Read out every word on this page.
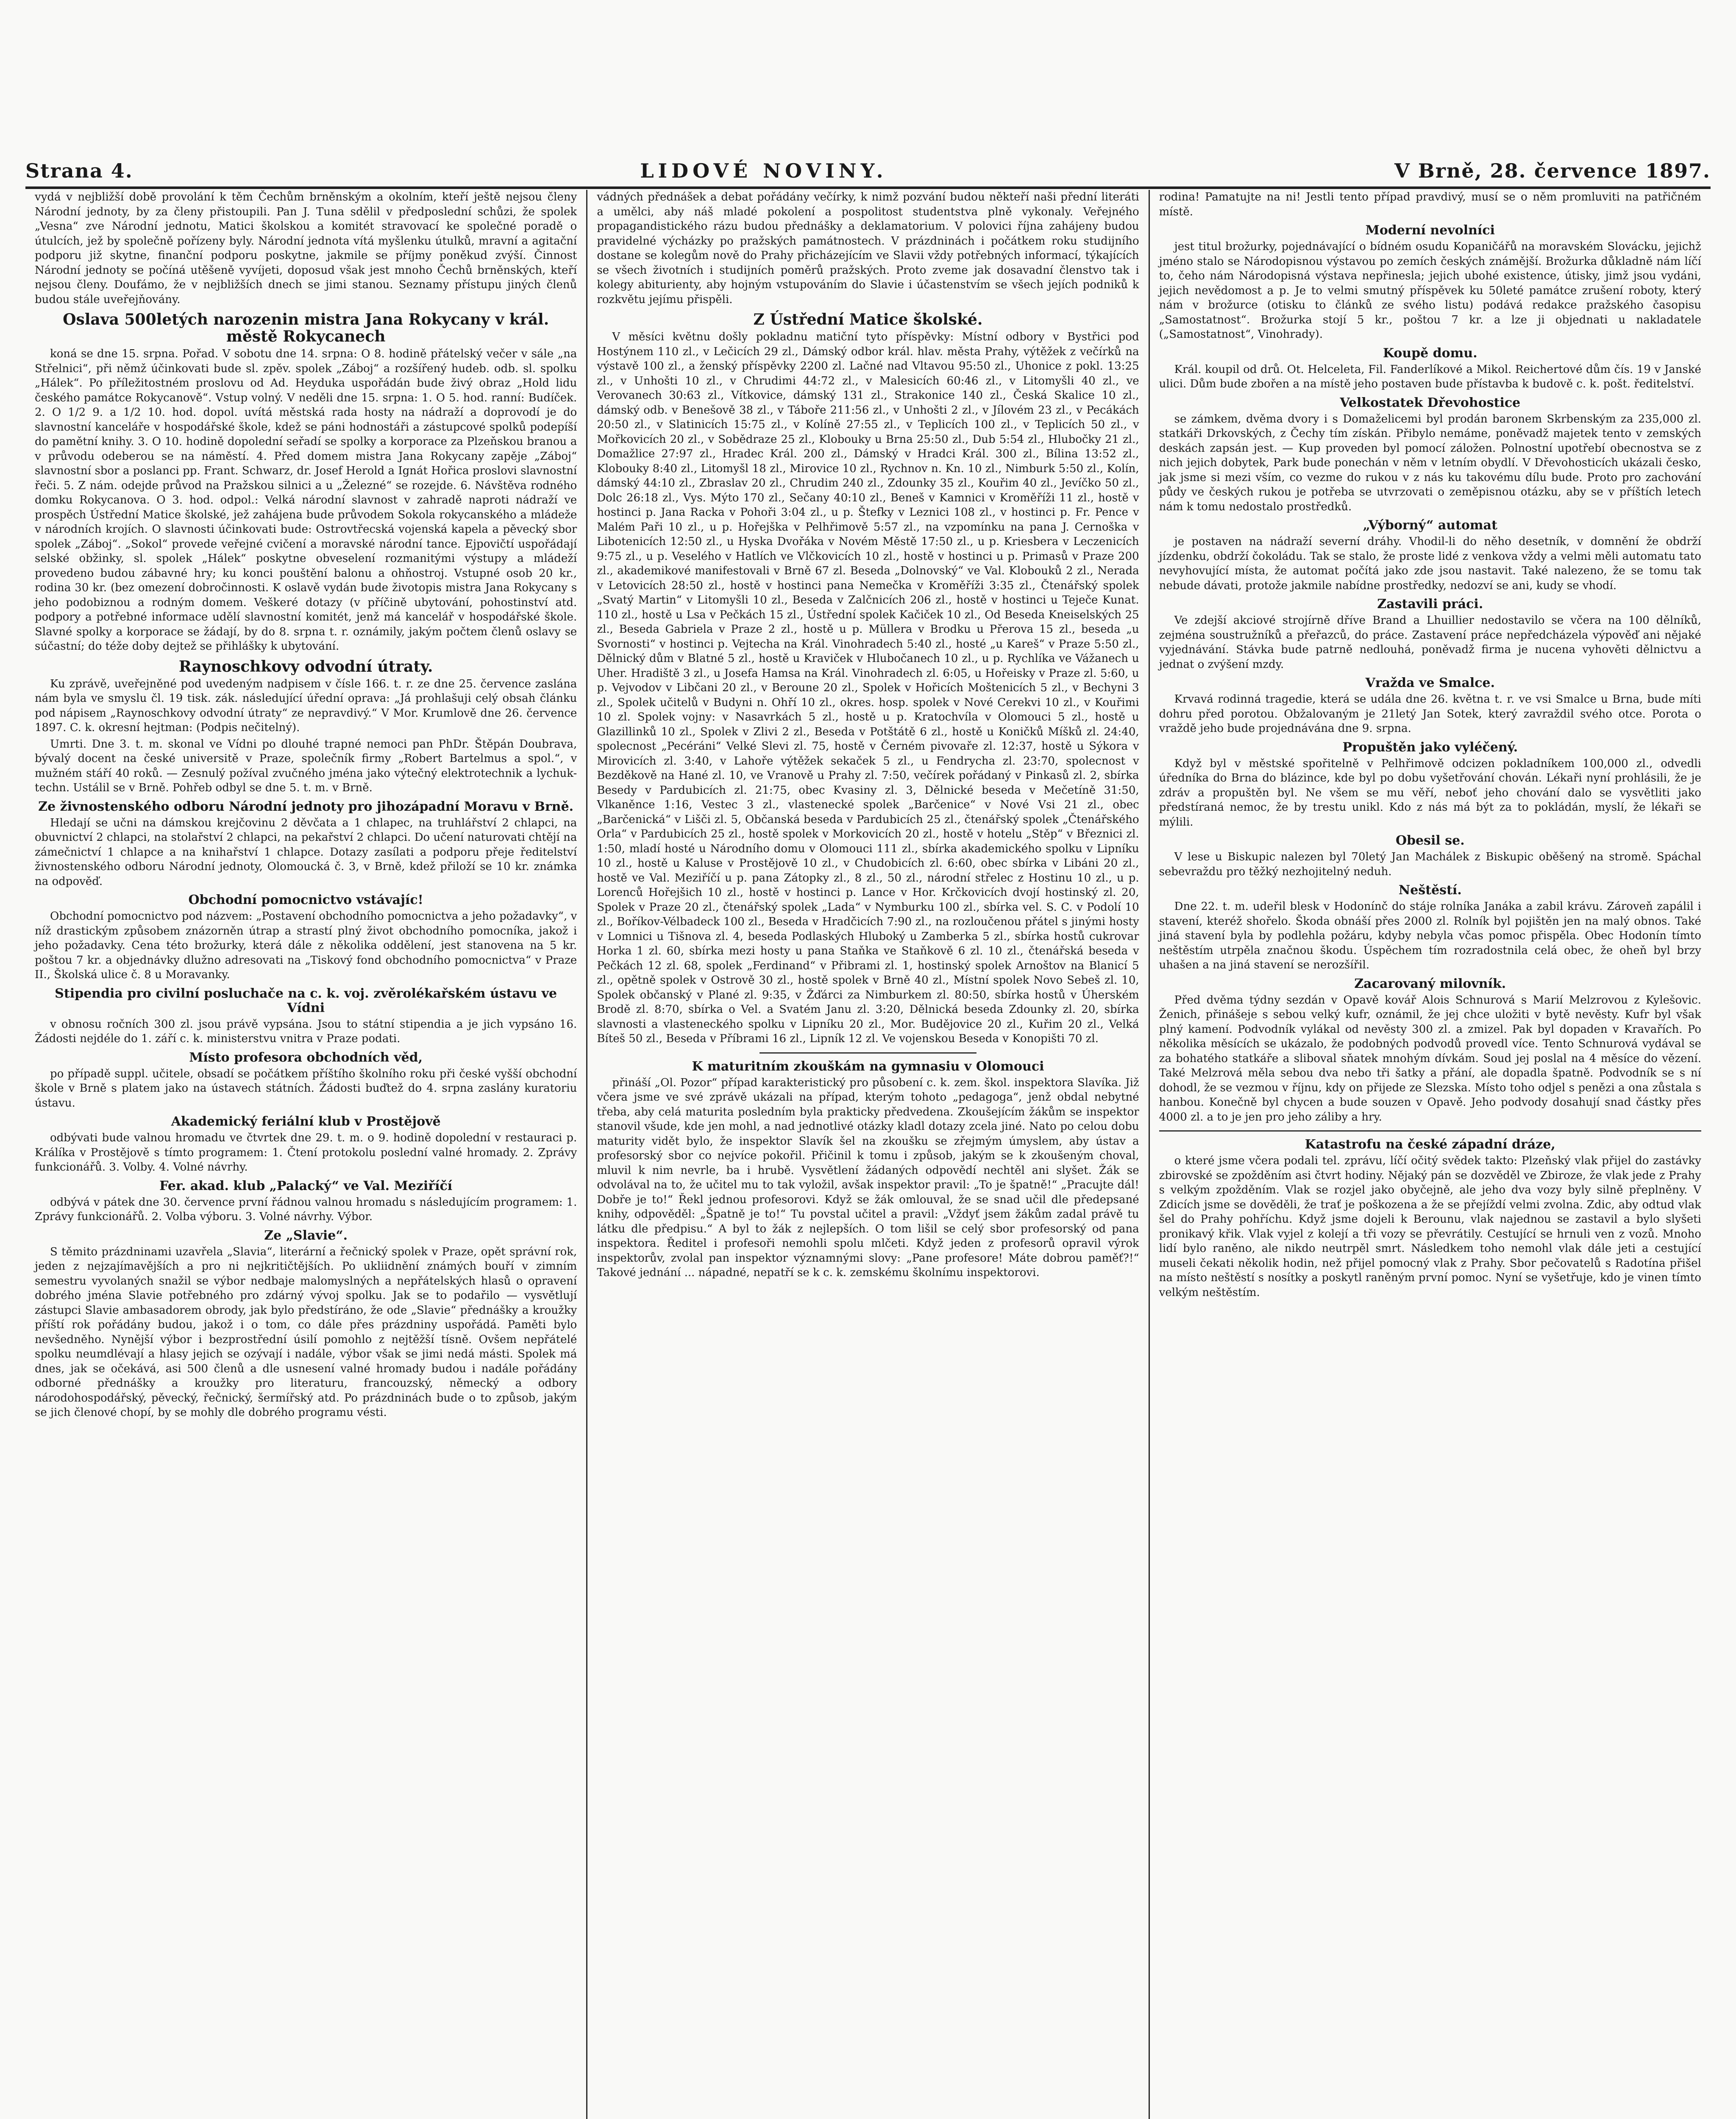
Strana 4.	LIDOVÉ NOVINY.	V Brně, 28. července 1897.

vydá v nejbližší době provolání k těm Čechům brněnským a okolním, kteří ještě nejsou členy Národní jednoty, by za členy přistoupili. Pan J. Tuna sdělil v předposlední schůzi, že spolek „Vesna“ zve Národní jednotu, Matici školskou a komitét stravovací ke společné poradě o útulcích, jež by společně pořízeny byly. Národní jednota vítá myšlenku útulků, mravní a agitační podporu již skytne, finanční podporu poskytne, jakmile se příjmy poněkud zvýší. Činnost Národní jednoty se počíná utěšeně vyvíjeti, doposud však jest mnoho Čechů brněnských, kteří nejsou členy. Doufámo, že v nejbližších dnech se jimi stanou. Seznamy přístupu jiných členů budou stále uveřejňovány.

Oslava 500letých narozenin mistra Jana Rokycany v král. městě Rokycanech

koná se dne 15. srpna. Pořad. V sobotu dne 14. srpna: O 8. hodině přátelský večer v sále „na Střelnici“, při němž účinkovati bude sl. zpěv. spolek „Záboj“ a rozšířený hudeb. odb. sl. spolku „Hálek“. Po příležitostném proslovu od Ad. Heyduka uspořádán bude živý obraz „Hold lidu českého památce Rokycanově“. Vstup volný. V neděli dne 15. srpna: 1. O 5. hod. ranní: Budíček. 2. O 1/2 9. a 1/2 10. hod. dopol. uvítá městská rada hosty na nádraží a doprovodí je do slavnostní kanceláře v hospodářské škole, kdež se páni hodnostáři a zástupcové spolků podepíší do pamětní knihy. 3. O 10. hodině dopolední seřadí se spolky a korporace za Plzeňskou branou a v průvodu odeberou se na náměstí. 4. Před domem mistra Jana Rokycany zapěje „Záboj“ slavnostní sbor a poslanci pp. Frant. Schwarz, dr. Josef Herold a Ignát Hořica proslovi slavnostní řeči. 5. Z nám. odejde průvod na Pražskou silnici a u „Železné“ se rozejde. 6. Návštěva rodného domku Rokycanova. O 3. hod. odpol.: Velká národní slavnost v zahradě naproti nádraží ve prospěch Ústřední Matice školské, jež zahájena bude průvodem Sokola rokycanského a mládeže v národních krojích. O slavnosti účinkovati bude: Ostrovtřecská vojenská kapela a pěvecký sbor spolek „Záboj“. „Sokol“ provede veřejné cvičení a moravské národní tance. Ejpovičtí uspořádají selské obžinky, sl. spolek „Hálek“ poskytne obveselení rozmanitými výstupy a mládeží provedeno budou zábavné hry; ku konci pouštění balonu a ohňostroj. Vstupné osob 20 kr., rodina 30 kr. (bez omezení dobročinnosti. K oslavě vydán bude životopis mistra Jana Rokycany s jeho podobiznou a rodným domem. Veškeré dotazy (v příčině ubytování, pohostinství atd. podpory a potřebné informace udělí slavnostní komitét, jenž má kancelář v hospodářské škole. Slavné spolky a korporace se žádají, by do 8. srpna t. r. oznámily, jakým počtem členů oslavy se súčastní; do téže doby dejtež se přihlášky k ubytování.

Raynoschkovy odvodní útraty.

Ku zprávě, uveřejněné pod uvedeným nadpisem v čísle 166. t. r. ze dne 25. července zaslána nám byla ve smyslu čl. 19 tisk. zák. následující úřední oprava: „Já prohlašuji celý obsah článku pod nápisem „Raynoschkovy odvodní útraty“ ze nepravdivý.“ V Mor. Krumlově dne 26. července 1897. C. k. okresní hejtman: (Podpis nečitelný).

Umrti. Dne 3. t. m. skonal ve Vídni po dlouhé trapné nemoci pan PhDr. Štěpán Doubrava, bývalý docent na české universitě v Praze, společník firmy „Robert Bartelmus a spol.“, v mužném stáří 40 roků. — Zesnulý požíval zvučného jména jako výtečný elektrotechnik a lychuk-techn. Ustálil se v Brně. Pohřeb odbyl se dne 5. t. m. v Brně.

Ze živnostenského odboru Národní jednoty pro jihozápadní Moravu v Brně.

Hledají se učni na dámskou krejčovinu 2 děvčata a 1 chlapec, na truhlářství 2 chlapci, na obuvnictví 2 chlapci, na stolařství 2 chlapci, na pekařství 2 chlapci. Do učení naturovati chtějí na zámečnictví 1 chlapce a na knihařství 1 chlapce. Dotazy zasílati a podporu přeje ředitelství živnostenského odboru Národní jednoty, Olomoucká č. 3, v Brně, kdež přiloží se 10 kr. známka na odpověď.

Obchodní pomocnictvo vstávajíc!

Obchodní pomocnictvo pod názvem: „Postavení obchodního pomocnictva a jeho požadavky“, v níž drastickým způsobem znázorněn útrap a strastí plný život obchodního pomocníka, jakož i jeho požadavky. Cena této brožurky, která dále z několika oddělení, jest stanovena na 5 kr. poštou 7 kr. a objednávky dlužno adresovati na „Tiskový fond obchodního pomocnictva“ v Praze II., Školská ulice č. 8 u Moravanky.

Stipendia pro civilní posluchače na c. k. voj. zvěrolékařském ústavu ve Vídni

v obnosu ročních 300 zl. jsou právě vypsána. Jsou to státní stipendia a je jich vypsáno 16. Žádosti nejdéle do 1. září c. k. ministerstvu vnitra v Praze podati.

Místo profesora obchodních věd,

po případě suppl. učitele, obsadí se počátkem příštího školního roku při české vyšší obchodní škole v Brně s platem jako na ústavech státních. Žádosti buďtež do 4. srpna zaslány kuratoriu ústavu.

Akademický feriální klub v Prostějově

odbývati bude valnou hromadu ve čtvrtek dne 29. t. m. o 9. hodině dopolední v restauraci p. Králíka v Prostějově s tímto programem: 1. Čtení protokolu poslední valné hromady. 2. Zprávy funkcionářů. 3. Volby. 4. Volné návrhy.

Fer. akad. klub „Palacký“ ve Val. Meziříčí

odbývá v pátek dne 30. července první řádnou valnou hromadu s následujícím programem: 1. Zprávy funkcionářů. 2. Volba výboru. 3. Volné návrhy. Výbor.

Ze „Slavie“.

S těmito prázdninami uzavřela „Slavia“, literární a řečnický spolek v Praze, opět správní rok, jeden z nejzajímavějších a pro ni nejkritičtějších. Po ukliidnění známých bouří v zimním semestru vyvolaných snažil se výbor nedbaje malomyslných a nepřátelských hlasů o opravení dobrého jména Slavie potřebného pro zdárný vývoj spolku. Jak se to podařilo — vysvětlují zástupci Slavie ambasadorem obrody, jak bylo předstíráno, že ode „Slavie“ přednášky a kroužky příští rok pořádány budou, jakož i o tom, co dále přes prázdniny uspořádá. Paměti bylo nevšedněho. Nynější výbor i bezprostřední úsilí pomohlo z nejtěžší tísně. Ovšem nepřátelé spolku neumdlévají a hlasy jejich se ozývají i nadále, výbor však se jimi nedá másti. Spolek má dnes, jak se očekává, asi 500 členů a dle usnesení valné hromady budou i nadále pořádány odborné přednášky a kroužky pro literaturu, francouzský, německý a odbory národohospodářský, pěvecký, řečnický, šermířský atd. Po prázdninách bude o to způsob, jakým se jich členové chopí, by se mohly dle dobrého programu vésti.

vádných přednášek a debat pořádány večírky, k nimž pozvání budou někteří naši přední literáti a umělci, aby náš mladé pokolení a pospolitost studentstva plně vykonaly. Veřejného propagandistického rázu budou přednášky a deklamatorium. V polovici října zahájeny budou pravidelné výcházky po pražských památnostech. V prázdninách i počátkem roku studijního dostane se kolegům nově do Prahy přicházejícím ve Slavii vždy potřebných informací, týkajících se všech životních i studijních poměrů pražských. Proto zveme jak dosavadní členstvo tak i kolegy abiturienty, aby hojným vstupováním do Slavie i účastenstvím se všech jejích podniků k rozkvětu jejímu přispěli.

Z Ústřední Matice školské.

V měsíci květnu došly pokladnu matiční tyto příspěvky: Místní odbory v Bystřici pod Hostýnem 110 zl., v Lečicích 29 zl., Dámský odbor král. hlav. města Prahy, výtěžek z večírků na výstavě 100 zl., a ženský příspěvky 2200 zl. Lačné nad Vltavou 95:50 zl., Uhonice z pokl. 13:25 zl., v Unhošti 10 zl., v Chrudimi 44:72 zl., v Malesicích 60:46 zl., v Litomyšli 40 zl., ve Verovanech 30:63 zl., Vítkovice, dámský 131 zl., Strakonice 140 zl., Česká Skalice 10 zl., dámský odb. v Benešově 38 zl., v Táboře 211:56 zl., v Unhošti 2 zl., v Jílovém 23 zl., v Pecákách 20:50 zl., v Slatinicích 15:75 zl., v Kolíně 27:55 zl., v Teplicích 100 zl., v Teplicích 50 zl., v Mořkovicích 20 zl., v Sobědraze 25 zl., Klobouky u Brna 25:50 zl., Dub 5:54 zl., Hlubočky 21 zl., Domažlice 27:97 zl., Hradec Král. 200 zl., Dámský v Hradci Král. 300 zl., Bílina 13:52 zl., Klobouky 8:40 zl., Litomyšl 18 zl., Mirovice 10 zl., Rychnov n. Kn. 10 zl., Nimburk 5:50 zl., Kolín, dámský 44:10 zl., Zbraslav 20 zl., Chrudim 240 zl., Zdounky 35 zl., Kouřim 40 zl., Jevíčko 50 zl., Dolc 26:18 zl., Vys. Mýto 170 zl., Sečany 40:10 zl., Beneš v Kamnici v Kroměříži 11 zl., hostě v hostinci p. Jana Racka v Pohoři 3:04 zl., u p. Štefky v Leznici 108 zl., v hostinci p. Fr. Pence v Malém Paři 10 zl., u p. Hořejška v Pelhřimově 5:57 zl., na vzpomínku na pana J. Cernoškа v Libotenicích 12:50 zl., u Hyska Dvořáka v Novém Městě 17:50 zl., u p. Kriesbera v Leczenicích 9:75 zl., u p. Veselého v Hatlích ve Vlčkovicích 10 zl., hostě v hostinci u p. Primasů v Praze 200 zl., akademikové manifestovali v Brně 67 zl. Beseda „Dolnovský“ ve Val. Klobouků 2 zl., Nerada v Letovicích 28:50 zl., hostě v hostinci pana Nemečka v Kroměříži 3:35 zl., Čtenářský spolek „Svatý Martin“ v Litomyšli 10 zl., Beseda v Zalčnicích 206 zl., hostě v hostinci u Teječe Kunat. 110 zl., hostě u Lsa v Pečkách 15 zl., Ústřední spolek Kačiček 10 zl., Od Beseda Kneiselských 25 zl., Beseda Gabriela v Praze 2 zl., hostě u p. Müllera v Brodku u Přerova 15 zl., beseda „u Svornosti“ v hostinci p. Vejtecha na Král. Vinohradech 5:40 zl., hosté „u Kareš“ v Praze 5:50 zl., Dělnický dům v Blatné 5 zl., hostě u Kraviček v Hlubočanech 10 zl., u p. Rychlíka ve Vážanech u Uher. Hradiště 3 zl., u Josefa Hamsa na Král. Vinohradech zl. 6:05, u Hořeisky v Praze zl. 5:60, u p. Vejvodov v Libčani 20 zl., v Beroune 20 zl., Spolek v Hořicích Moštenicích 5 zl., v Bechyni 3 zl., Spolek učitelů v Budyni n. Ohří 10 zl., okres. hosp. spolek v Nové Cerekvi 10 zl., v Kouřimi 10 zl. Spolek vojny: v Nasavrkách 5 zl., hostě u p. Kratochvíla v Olomouci 5 zl., hostě u Glazillinků 10 zl., Spolek v Zlivi 2 zl., Beseda v Potštátě 6 zl., hostě u Koničků Míšků zl. 24:40, spolecnost „Pecéráni“ Velké Slevi zl. 75, hostě v Černém pivovaře zl. 12:37, hostě u Sýkora v Mirovicích zl. 3:40, v Lahoře výtěžek sekaček 5 zl., u Fendrycha zl. 23:70, spolecnost v Bezděkově na Hané zl. 10, ve Vranově u Prahy zl. 7:50, večírek pořádaný v Pinkasů zl. 2, sbírka Besedy v Pardubicích zl. 21:75, obec Kvasiny zl. 3, Dělnické beseda v Mečetíně 31:50, Vlkaněnce 1:16, Vestec 3 zl., vlastenecké spolek „Barčenice“ v Nové Vsi 21 zl., obec „Barčenická“ v Lišči zl. 5, Občanská beseda v Pardubicích 25 zl., čtenářský spolek „Čtenářského Orla“ v Pardubicích 25 zl., hostě spolek v Morkovicích 20 zl., hostě v hotelu „Stěp“ v Březnici zl. 1:50, mladí hosté u Národního domu v Olomouci 111 zl., sbírka akademického spolku v Lipníku 10 zl., hostě u Kaluse v Prostějově 10 zl., v Chudobicích zl. 6:60, obec sbírka v Libáni 20 zl., hostě ve Val. Meziříčí u p. pana Zátopky zl., 8 zl., 50 zl., národní střelec z Hostinu 10 zl., u p. Lorenců Hořejšich 10 zl., hostě v hostinci p. Lance v Hor. Krčkovicích dvojí hostinský zl. 20, Spolek v Praze 20 zl., čtenářský spolek „Lada“ v Nymburku 100 zl., sbírka vel. S. C. v Podolí 10 zl., Boříkov-Vélbadeck 100 zl., Beseda v Hradčicích 7:90 zl., na rozloučenou přátel s jinými hosty v Lomnici u Tišnova zl. 4, beseda Podlaských Hluboký u Zamberka 5 zl., sbírka hostů cukrovar Horka 1 zl. 60, sbírka mezi hosty u pana Staňka ve Staňkově 6 zl. 10 zl., čtenářská beseda v Pečkách 12 zl. 68, spolek „Ferdinand“ v Přibrami zl. 1, hostinský spolek Arnoštov na Blanicí 5 zl., opětně spolek v Ostrově 30 zl., hostě spolek v Brně 40 zl., Místní spolek Novo Sebeš zl. 10, Spolek občanský v Plané zl. 9:35, v Žďárci za Nimburkem zl. 80:50, sbírka hostů v Úherském Brodě zl. 8:70, sbírka o Vel. a Svatém Janu zl. 3:20, Dělnická beseda Zdounky zl. 20, sbírka slavnosti a vlasteneckého spolku v Lipníku 20 zl., Mor. Budějovice 20 zl., Kuřim 20 zl., Velká Bíteš 50 zl., Beseda v Příbrami 16 zl., Lipník 12 zl. Ve vojenskou Beseda v Konopišti 70 zl.

K maturitním zkouškám na gymnasiu v Olomouci

přináší „Ol. Pozor“ případ karakteristický pro působení c. k. zem. škol. inspektora Slavíka. Již včera jsme ve své zprávě ukázali na případ, kterým tohoto „pedagoga“, jenž obdal nebytné třeba, aby celá maturita posledním byla prakticky předvedena. Zkoušejícím žákům se inspektor stanovil všude, kde jen mohl, a nad jednotlivé otázky kladl dotazy zcela jiné. Nato po celou dobu maturity vidět bylo, že inspektor Slavík šel na zkoušku se zřejmým úmyslem, aby ústav a profesorský sbor co nejvíce pokořil. Přičinil k tomu i způsob, jakým se k zkoušeným choval, mluvil k nim nevrle, ba i hrubě. Vysvětlení žádaných odpovědí nechtěl ani slyšet. Žák se odvolával na to, že učitel mu to tak vyložil, avšak inspektor pravil: „To je špatně!“ „Pracujte dál! Dobře je to!“ Řekl jednou profesorovi. Když se žák omlouval, že se snad učil dle předepsané knihy, odpověděl: „Špatně je to!“ Tu povstal učitel a pravil: „Vždyť jsem žákům zadal právě tu látku dle předpisu.“ A byl to žák z nejlepších. O tom lišil se celý sbor profesorský od pana inspektora. Ředitel i profesoři nemohli spolu mlčeti. Když jeden z profesorů opravil výrok inspektorův, zvolal pan inspektor významnými slovy: „Pane profesore! Máte dobrou paměť?!“ Takové jednání ... nápadné, nepatří se k c. k. zemskému školnímu inspektorovi.

rodina! Pamatujte na ni! Jestli tento případ pravdivý, musí se o něm promluviti na patřičném místě.

Moderní nevolníci

jest titul brožurky, pojednávající o bídném osudu Kopaničářů na moravském Slovácku, jejichž jméno stalo se Národopisnou výstavou po zemích českých známější. Brožurka důkladně nám líčí to, čeho nám Národopisná výstava nepřinesla; jejich ubohé existence, útisky, jimž jsou vydáni, jejich nevědomost a p. Je to velmi smutný příspěvek ku 50leté památce zrušení roboty, který nám v brožurce (otisku to článků ze svého listu) podává redakce pražského časopisu „Samostatnost“. Brožurka stojí 5 kr., poštou 7 kr. a lze ji objednati u nakladatele („Samostatnost“, Vinohrady).

Koupě domu.

Král. koupil od drů. Ot. Helceleta, Fil. Fanderlíkové a Mikol. Reichertové dům čís. 19 v Janské ulici. Dům bude zbořen a na místě jeho postaven bude přístavba k budově c. k. pošt. ředitelství.

Velkostatek Dřevohostice

se zámkem, dvěma dvory i s Domaželicemi byl prodán baronem Skrbenským za 235,000 zl. statkáři Drkovských, z Čechy tím získán. Přibylo nemáme, poněvadž majetek tento v zemských deskách zapsán jest. — Kup proveden byl pomocí záložen. Polnostní upotřebí obecnostva se z nich jejich dobytek, Park bude ponechán v něm v letním obydlí. V Dřevohosticích ukázali česko, jak jsme si mezi vším, co vezme do rukou v z nás ku takovému dílu bude. Proto pro zachování půdy ve českých rukou je potřeba se utvrzovati o zeměpisnou otázku, aby se v příštích letech nám k tomu nedostalo prostředků.

„Výborný“ automat

je postaven na nádraží severní dráhy. Vhodil-li do něho desetník, v domnění že obdrží jízdenku, obdrží čokoládu. Tak se stalo, že proste lidé z venkova vždy a velmi měli automatu tato nevyhovující místa, že automat počítá jako zde jsou nastavit. Také nalezeno, že se tomu tak nebude dávati, protože jakmile nabídne prostředky, nedozví se ani, kudy se vhodí.

Zastavili práci.

Ve zdejší akciové strojírně dříve Brand a Lhuillier nedostavilo se včera na 100 dělníků, zejména soustružníků a přeřazců, do práce. Zastavení práce nepředcházela výpověď ani nějaké vyjednávání. Stávka bude patrně nedlouhá, poněvadž firma je nucena vyhověti dělnictvu a jednat o zvýšení mzdy.

Vražda ve Smalce.

Krvavá rodinná tragedie, která se udála dne 26. května t. r. ve vsi Smalce u Brna, bude míti dohru před porotou. Obžalovaným je 21letý Jan Sotek, který zavraždil svého otce. Porota o vraždě jeho bude projednávána dne 9. srpna.

Propuštěn jako vyléčený.

Když byl v městské spořitelně v Pelhřimově odcizen pokladníkem 100,000 zl., odvedli úředníka do Brna do blázince, kde byl po dobu vyšetřování chován. Lékaři nyní prohlásili, že je zdráv a propuštěn byl. Ne všem se mu věří, neboť jeho chování dalo se vysvětliti jako předstíraná nemoc, že by trestu unikl. Kdo z nás má být za to pokládán, myslí, že lékaři se mýlili.

Obesil se.

V lese u Biskupic nalezen byl 70letý Jan Machálek z Biskupic oběšený na stromě. Spáchal sebevraždu pro těžký nezhojitelný neduh.

Neštěstí.

Dne 22. t. m. udeřil blesk v Hodonínč do stáje rolníka Janáka a zabil krávu. Zároveň zapálil i stavení, kteréž shořelo. Škoda obnáší přes 2000 zl. Rolník byl pojištěn jen na malý obnos. Také jiná stavení byla by podlehla požáru, kdyby nebyla včas pomoc přispěla. Obec Hodonín tímto neštěstím utrpěla značnou škodu. Úspěchem tím rozradostnila celá obec, že oheň byl brzy uhašen a na jiná stavení se nerozšířil.

Zacarovaný milovník.

Před dvěma týdny sezdán v Opavě kovář Alois Schnurová s Marií Melzrovou z Kylešovic. Ženich, přinášeje s sebou velký kufr, oznámil, že jej chce uložiti v bytě nevěsty. Kufr byl však plný kamení. Podvodník vylákal od nevěsty 300 zl. a zmizel. Pak byl dopaden v Kravařích. Po několika měsících se ukázalo, že podobných podvodů provedl více. Tento Schnurová vydával se za bohatého statkáře a sliboval sňatek mnohým dívkám. Soud jej poslal na 4 měsíce do vězení. Také Melzrová měla sebou dva nebo tři šatky a přání, ale dopadla špatně. Podvodník se s ní dohodl, že se vezmou v říjnu, kdy on přijede ze Slezska. Místo toho odjel s penězi a ona zůstala s hanbou. Konečně byl chycen a bude souzen v Opavě. Jeho podvody dosahují snad částky přes 4000 zl. a to je jen pro jeho záliby a hry.

Katastrofu na české západní dráze,

o které jsme včera podali tel. zprávu, líčí očitý svědek takto: Plzeňský vlak přijel do zastávky zbirovské se zpožděním asi čtvrt hodiny. Nějaký pán se dozvěděl ve Zbiroze, že vlak jede z Prahy s velkým zpožděním. Vlak se rozjel jako obyčejně, ale jeho dva vozy byly silně přeplněny. V Zdicích jsme se dověděli, že trať je poškozena a že se přejíždí velmi zvolna. Zdic, aby odtud vlak šel do Prahy pohříchu. Když jsme dojeli k Berounu, vlak najednou se zastavil a bylo slyšeti pronikavý křik. Vlak vyjel z kolejí a tři vozy se převrátily. Cestující se hrnuli ven z vozů. Mnoho lidí bylo raněno, ale nikdo neutrpěl smrt. Následkem toho nemohl vlak dále jeti a cestující museli čekati několik hodin, než přijel pomocný vlak z Prahy. Sbor pečovatelů s Radotína přišel na místo neštěstí s nosítky a poskytl raněným první pomoc. Nyní se vyšetřuje, kdo je vinen tímto velkým neštěstím.
